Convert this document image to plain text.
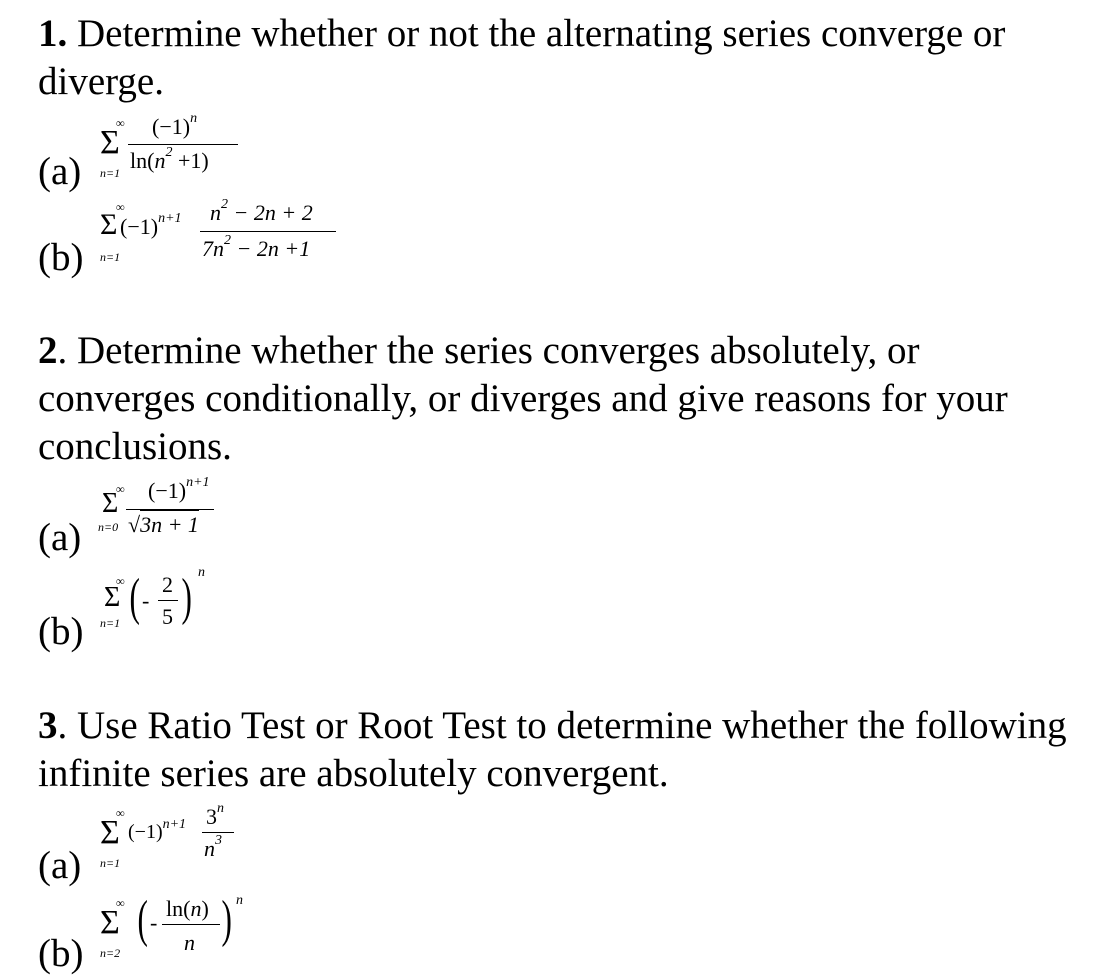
1. Determine whether or not the alternating series converge or diverge.
(a)
∞
Σ
n=1
$(-1)^n$
$\ln(n^2 +1)$
(b)
∞
Σ
n=1
$(-1)^{n+1}$ $n^2 - 2n + 2$
$7n^2 - 2n +1$
2. Determine whether the series converges absolutely, or converges conditionally, or diverges and give reasons for your conclusions.
(a)
∞
Σ
n=0
$(-1)^{n+1}$
√3n + 1
(b)
∞
Σ
n=1 ( -
2
5 ) n
3. Use Ratio Test or Root Test to determine whether the following infinite series are absolutely convergent.
(a)
∞
Σ
n=1
$(-1)^{n+1}$ 3$^n$
$n^3$
(b)
∞
Σ
n=2
( -
ln(n)
n ) n
